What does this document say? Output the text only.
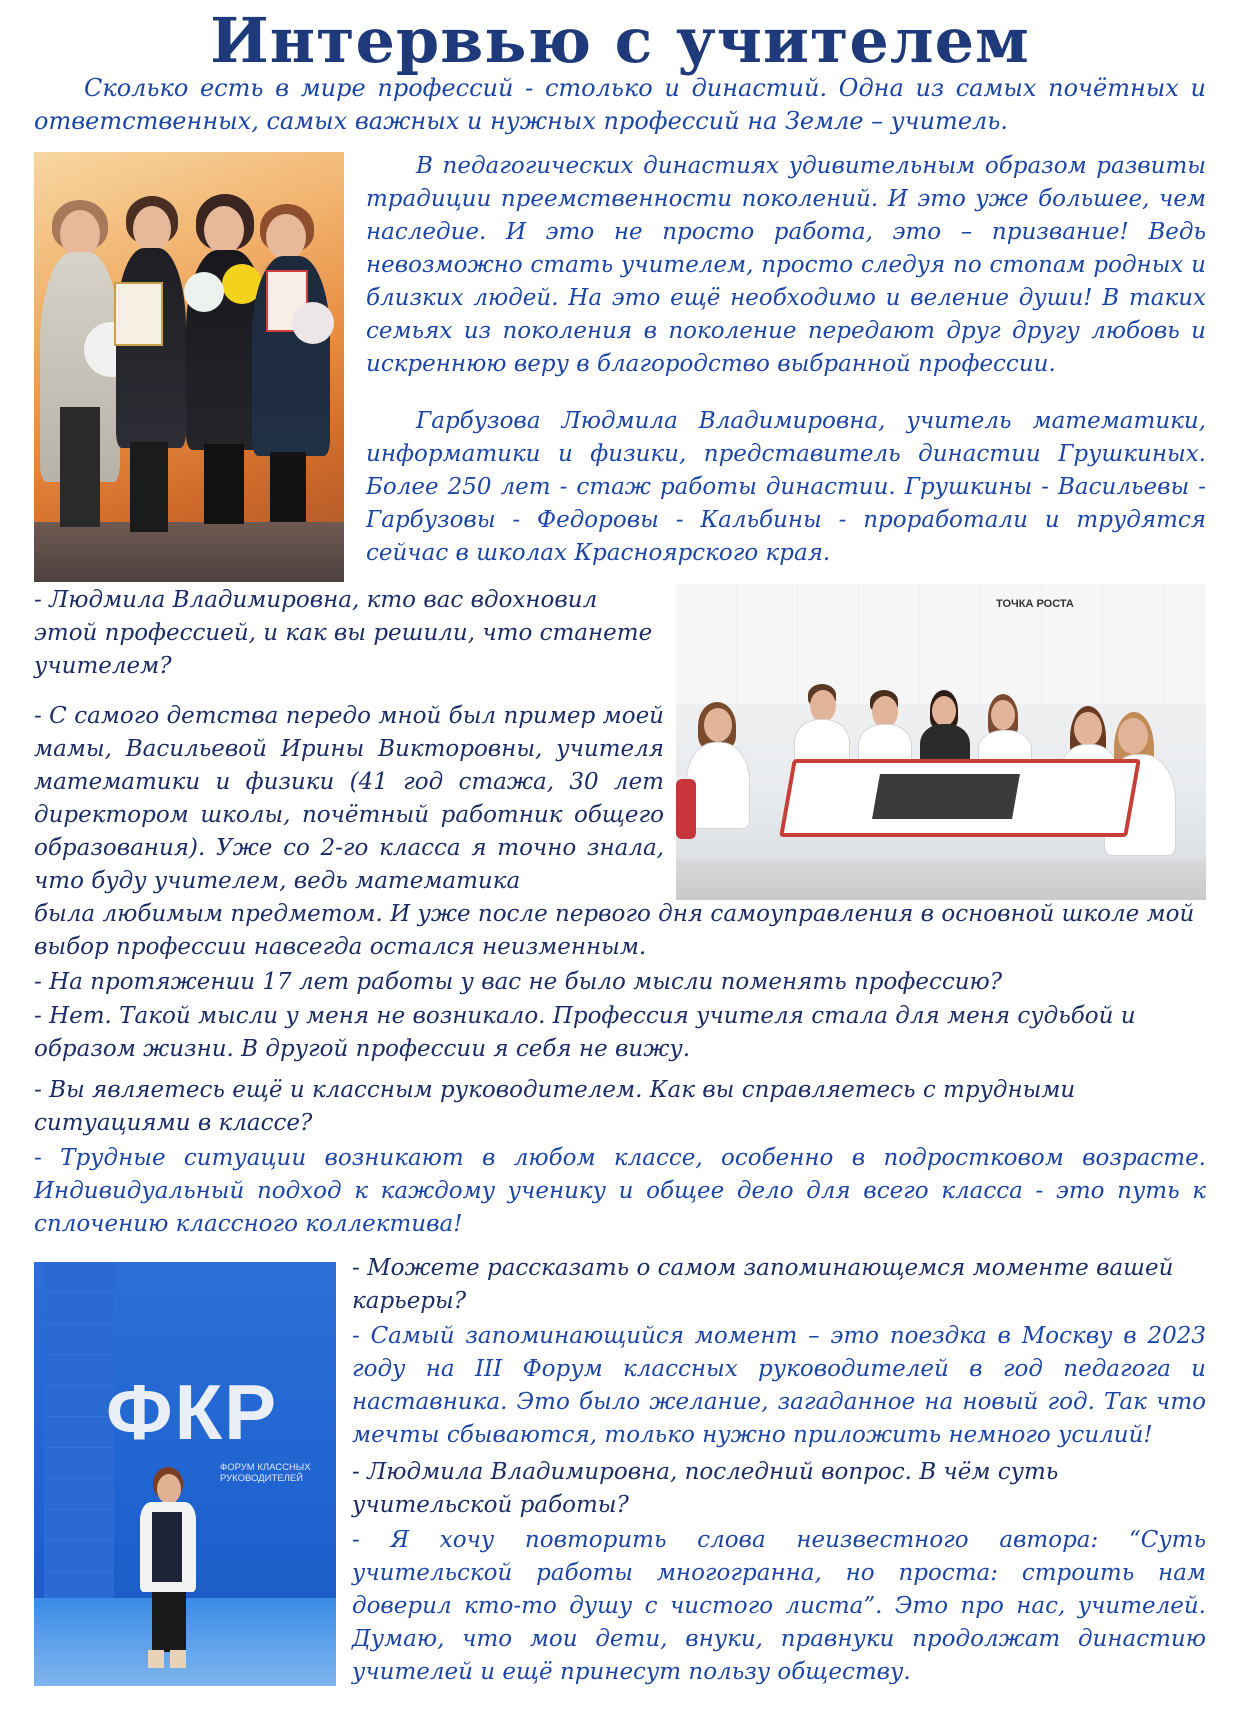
Интервью с учителем

Сколько есть в мире профессий - столько и династий. Одна из самых почётных и ответственных, самых важных и нужных профессий на Земле – учитель.

В педагогических династиях удивительным образом развиты традиции преемственности поколений. И это уже большее, чем наследие. И это не просто работа, это – призвание! Ведь невозможно стать учителем, просто следуя по стопам родных и близких людей. На это ещё необходимо и веление души! В таких семьях из поколения в поколение передают друг другу любовь и искреннюю веру в благородство выбранной профессии.

Гарбузова Людмила Владимировна, учитель математики, информатики и физики, представитель династии Грушкиных. Более 250 лет - стаж работы династии. Грушкины - Васильевы - Гарбузовы - Федоровы - Кальбины - проработали и трудятся сейчас в школах Красноярского края.

ТОЧКА РОСТА

- Людмила Владимировна, кто вас вдохновил этой профессией, и как вы решили, что станете учителем?

- С самого детства передо мной был пример моей мамы, Васильевой Ирины Викторовны, учителя математики и физики (41 год стажа, 30 лет директором школы, почётный работник общего образования). Уже со 2-го класса я точно знала, что буду учителем, ведь математика

была любимым предметом. И уже после первого дня самоуправления в основной школе мой выбор профессии навсегда остался неизменным.

- На протяжении 17 лет работы у вас не было мысли поменять профессию?

- Нет. Такой мысли у меня не возникало. Профессия учителя стала для меня судьбой и образом жизни. В другой профессии я себя не вижу.

- Вы являетесь ещё и классным руководителем. Как вы справляетесь с трудными ситуациями в классе?

- Трудные ситуации возникают в любом классе, особенно в подростковом возрасте. Индивидуальный подход к каждому ученику и общее дело для всего класса - это путь к сплочению классного коллектива!

ФКР
ФОРУМ КЛАССНЫХ РУКОВОДИТЕЛЕЙ

- Можете рассказать о самом запоминающемся моменте вашей карьеры?

- Самый запоминающийся момент – это поездка в Москву в 2023 году на III Форум классных руководителей в год педагога и наставника. Это было желание, загаданное на новый год. Так что мечты сбываются, только нужно приложить немного усилий!

- Людмила Владимировна, последний вопрос. В чём суть учительской работы?

- Я хочу повторить слова неизвестного автора: “Суть учительской работы многогранна, но проста: строить нам доверил кто-то душу с чистого листа”. Это про нас, учителей. Думаю, что мои дети, внуки, правнуки продолжат династию учителей и ещё принесут пользу обществу.
